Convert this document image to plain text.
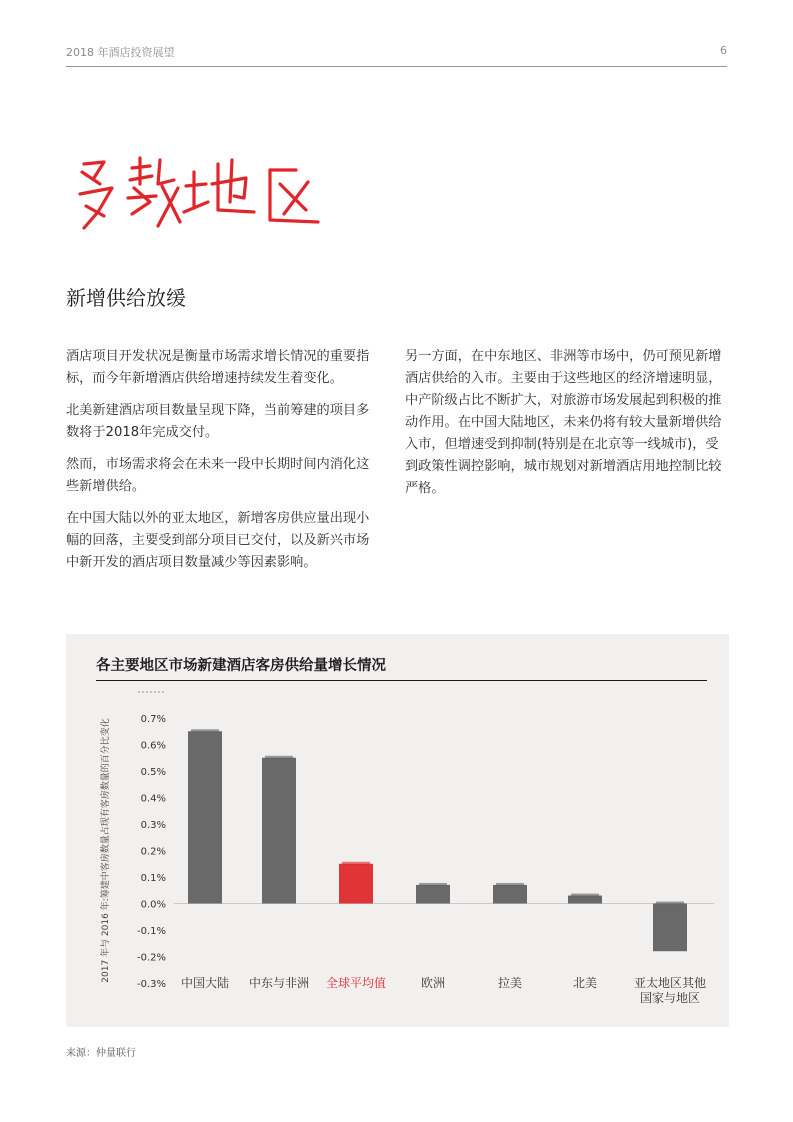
2018 年酒店投资展望	6
新增供给放缓

酒店项目开发状况是衡量市场需求增长情况的重要指标，而今年新增酒店供给增速持续发生着变化。

北美新建酒店项目数量呈现下降，当前筹建的项目多数将于2018年完成交付。

然而，市场需求将会在未来一段中长期时间内消化这些新增供给。

在中国大陆以外的亚太地区，新增客房供应量出现小幅的回落，主要受到部分项目已交付，以及新兴市场中新开发的酒店项目数量减少等因素影响。

另一方面，在中东地区、非洲等市场中，仍可预见新增酒店供给的入市。主要由于这些地区的经济增速明显，中产阶级占比不断扩大，对旅游市场发展起到积极的推动作用。在中国大陆地区，未来仍将有较大量新增供给入市，但增速受到抑制(特别是在北京等一线城市)，受到政策性调控影响，城市规划对新增酒店用地控制比较严格。

各主要地区市场新建酒店客房供给量增长情况
2017 年与 2016 年:筹建中客房数量占现有客房数量的百分比变化	0.7%
0.6%
0.5%
0.4%
0.3%
0.2%
0.1%
0.0%
-0.1%
-0.2%
-0.3% 中国大陆 中东与非洲 全球平均值	欧洲	拉美	北美	亚太地区其他
国家与地区
来源：仲量联行
